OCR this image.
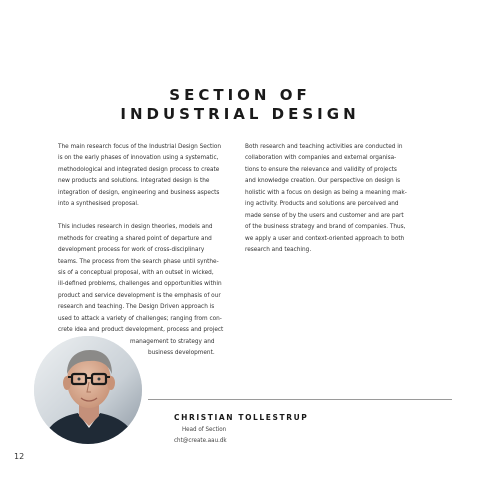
SECTION OF
INDUSTRIAL DESIGN
The main research focus of the Industrial Design Section
is on the early phases of innovation using a systematic,
methodological and integrated design process to create
new products and solutions. Integrated design is the
integration of design, engineering and business aspects
into a synthesised proposal.
This includes research in design theories, models and
methods for creating a shared point of departure and
development process for work of cross-disciplinary
teams. The process from the search phase until synthe-
sis of a conceptual proposal, with an outset in wicked,
ill-defined problems, challenges and opportunities within
product and service development is the emphasis of our
research and teaching. The Design Driven approach is
used to attack a variety of challenges; ranging from con-
crete idea and product development, process and project
management to strategy and
business development.
Both research and teaching activities are conducted in
collaboration with companies and external organisa-
tions to ensure the relevance and validity of projects
and knowledge creation. Our perspective on design is
holistic with a focus on design as being a meaning mak-
ing activity. Products and solutions are perceived and
made sense of by the users and customer and are part
of the business strategy and brand of companies. Thus,
we apply a user and context-oriented approach to both
research and teaching.
CHRISTIAN TOLLESTRUP
Head of Section
cht@create.aau.dk
12
